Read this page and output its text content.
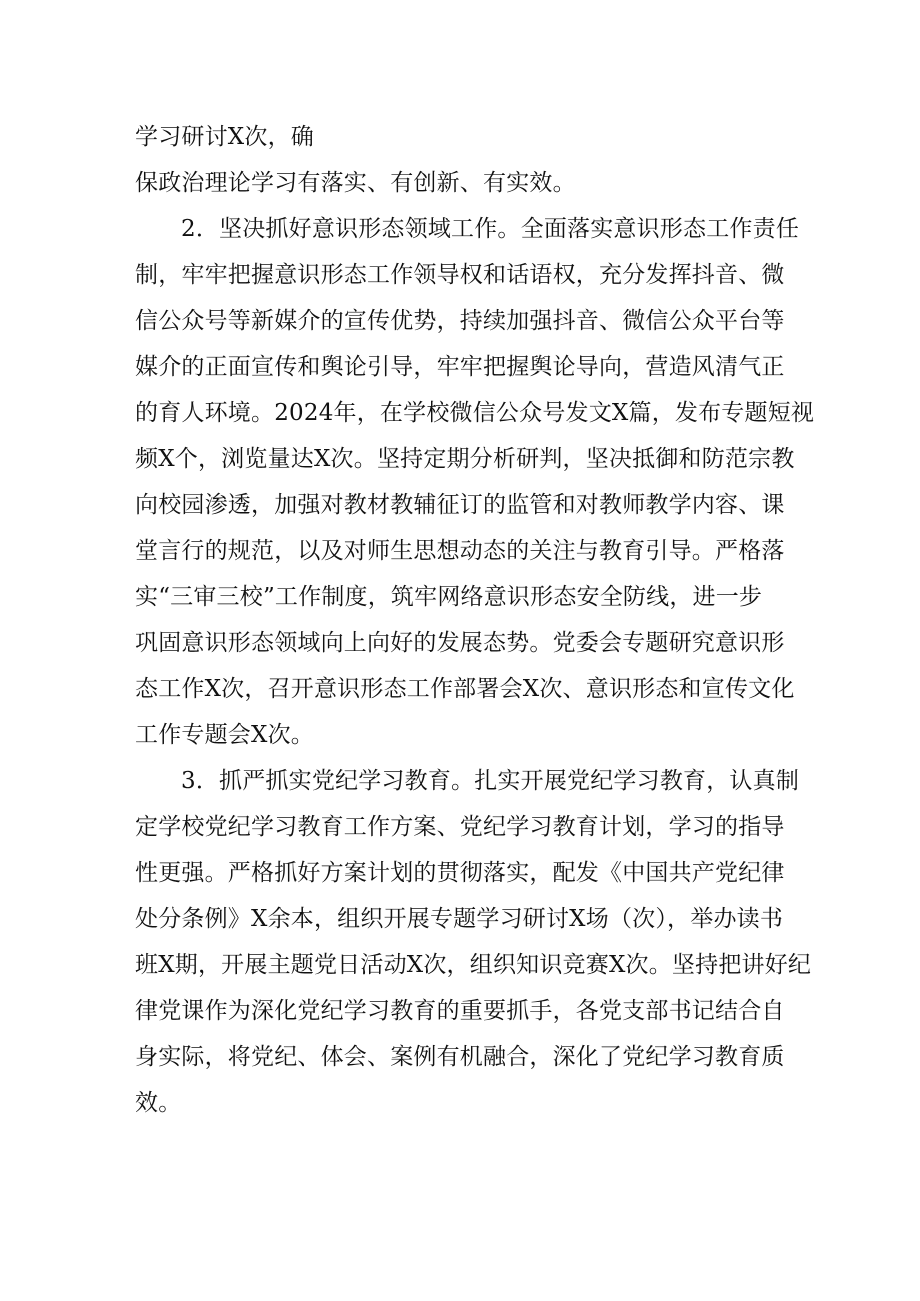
学习研讨X次，确
保政治理论学习有落实、有创新、有实效。
2．坚决抓好意识形态领域工作。全面落实意识形态工作责任
制，牢牢把握意识形态工作领导权和话语权，充分发挥抖音、微
信公众号等新媒介的宣传优势，持续加强抖音、微信公众平台等
媒介的正面宣传和舆论引导，牢牢把握舆论导向，营造风清气正
的育人环境。2024年，在学校微信公众号发文X篇，发布专题短视
频X个，浏览量达X次。坚持定期分析研判，坚决抵御和防范宗教
向校园渗透，加强对教材教辅征订的监管和对教师教学内容、课
堂言行的规范，以及对师生思想动态的关注与教育引导。严格落
实“三审三校”工作制度，筑牢网络意识形态安全防线，进一步
巩固意识形态领域向上向好的发展态势。党委会专题研究意识形
态工作X次，召开意识形态工作部署会X次、意识形态和宣传文化
工作专题会X次。
3．抓严抓实党纪学习教育。扎实开展党纪学习教育，认真制
定学校党纪学习教育工作方案、党纪学习教育计划，学习的指导
性更强。严格抓好方案计划的贯彻落实，配发《中国共产党纪律
处分条例》X余本，组织开展专题学习研讨X场（次），举办读书
班X期，开展主题党日活动X次，组织知识竞赛X次。坚持把讲好纪
律党课作为深化党纪学习教育的重要抓手，各党支部书记结合自
身实际，将党纪、体会、案例有机融合，深化了党纪学习教育质
效。
